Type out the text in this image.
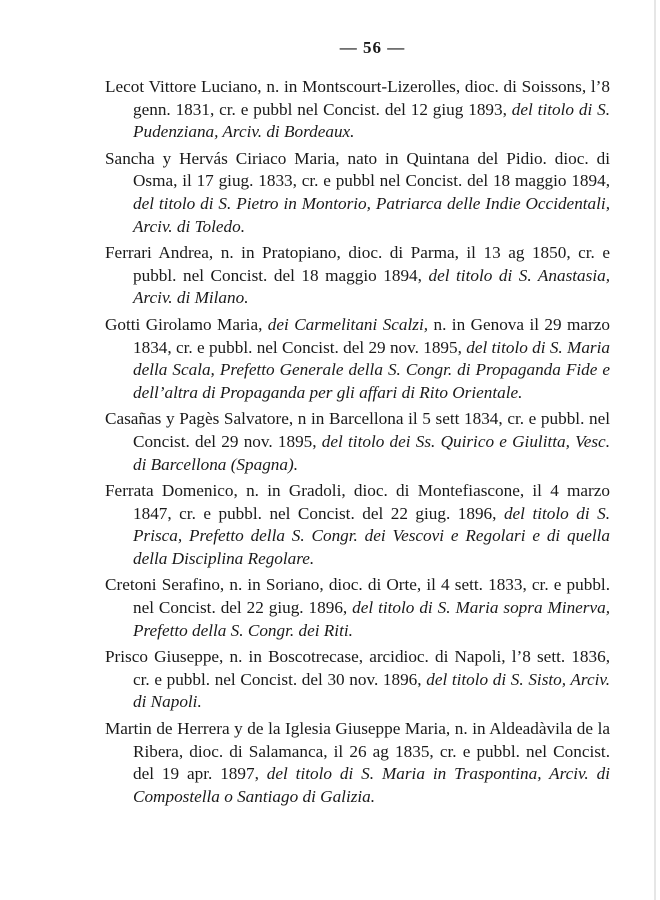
— 56 —
Lecot Vittore Luciano, n. in Montscourt-Lizerolles, dioc. di Soissons, l’8 genn. 1831, cr. e pubbl nel Concist. del 12 giug 1893, del titolo di S. Pudenziana, Arciv. di Bordeaux.
Sancha y Hervás Ciriaco Maria, nato in Quintana del Pidio. dioc. di Osma, il 17 giug. 1833, cr. e pubbl nel Concist. del 18 maggio 1894, del titolo di S. Pietro in Montorio, Patriarca delle Indie Occidentali, Arciv. di Toledo.
Ferrari Andrea, n. in Pratopiano, dioc. di Parma, il 13 ag 1850, cr. e pubbl. nel Concist. del 18 maggio 1894, del titolo di S. Anastasia, Arciv. di Milano.
Gotti Girolamo Maria, dei Carmelitani Scalzi, n. in Genova il 29 marzo 1834, cr. e pubbl. nel Concist. del 29 nov. 1895, del titolo di S. Maria della Scala, Prefetto Generale della S. Congr. di Propaganda Fide e dell’altra di Propaganda per gli affari di Rito Orientale.
Casañas y Pagès Salvatore, n in Barcellona il 5 sett 1834, cr. e pubbl. nel Concist. del 29 nov. 1895, del titolo dei Ss. Quirico e Giulitta, Vesc. di Barcellona (Spagna).
Ferrata Domenico, n. in Gradoli, dioc. di Montefiascone, il 4 marzo 1847, cr. e pubbl. nel Concist. del 22 giug. 1896, del titolo di S. Prisca, Prefetto della S. Congr. dei Vescovi e Regolari e di quella della Disciplina Regolare.
Cretoni Serafino, n. in Soriano, dioc. di Orte, il 4 sett. 1833, cr. e pubbl. nel Concist. del 22 giug. 1896, del titolo di S. Maria sopra Minerva, Prefetto della S. Congr. dei Riti.
Prisco Giuseppe, n. in Boscotrecase, arcidioc. di Napoli, l’8 sett. 1836, cr. e pubbl. nel Concist. del 30 nov. 1896, del titolo di S. Sisto, Arciv. di Napoli.
Martin de Herrera y de la Iglesia Giuseppe Maria, n. in Aldeadàvila de la Ribera, dioc. di Salamanca, il 26 ag 1835, cr. e pubbl. nel Concist. del 19 apr. 1897, del titolo di S. Maria in Traspontina, Arciv. di Compostella o Santiago di Galizia.
